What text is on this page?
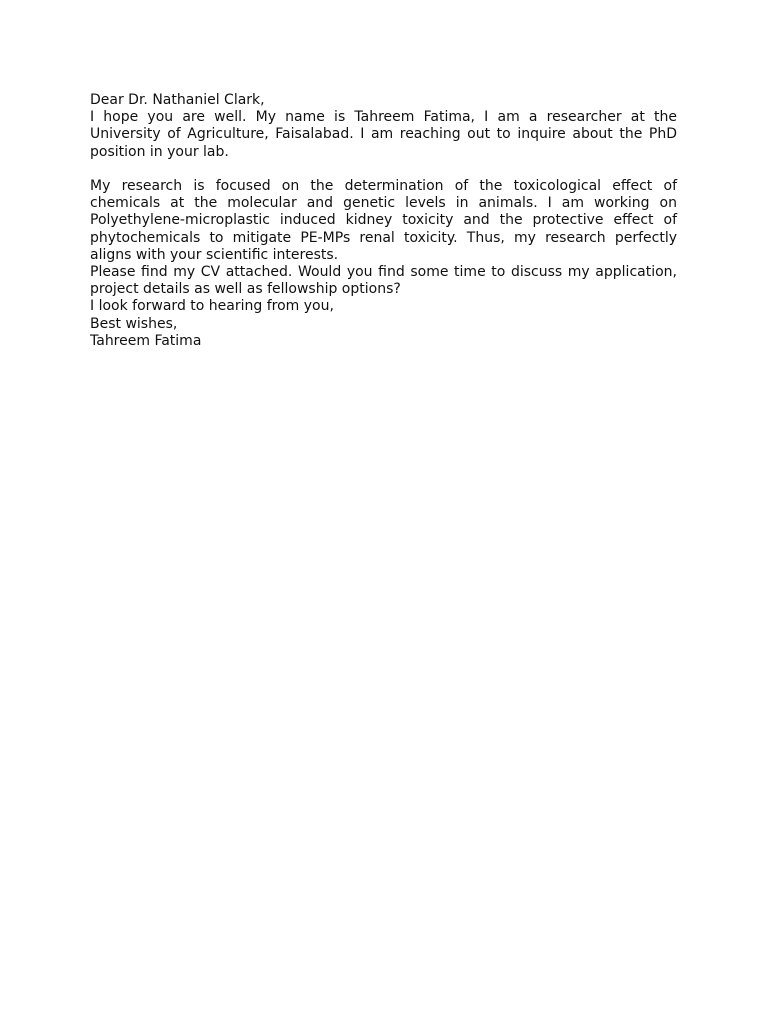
Dear Dr. Nathaniel Clark,

I hope you are well. My name is Tahreem Fatima, I am a researcher at the University of Agriculture, Faisalabad. I am reaching out to inquire about the PhD position in your lab.

My research is focused on the determination of the toxicological effect of chemicals at the molecular and genetic levels in animals. I am working on Polyethylene-microplastic induced kidney toxicity and the protective effect of phytochemicals to mitigate PE-MPs renal toxicity. Thus, my research perfectly aligns with your scientific interests.

Please find my CV attached. Would you find some time to discuss my application, project details as well as fellowship options?

I look forward to hearing from you,

Best wishes,

Tahreem Fatima
